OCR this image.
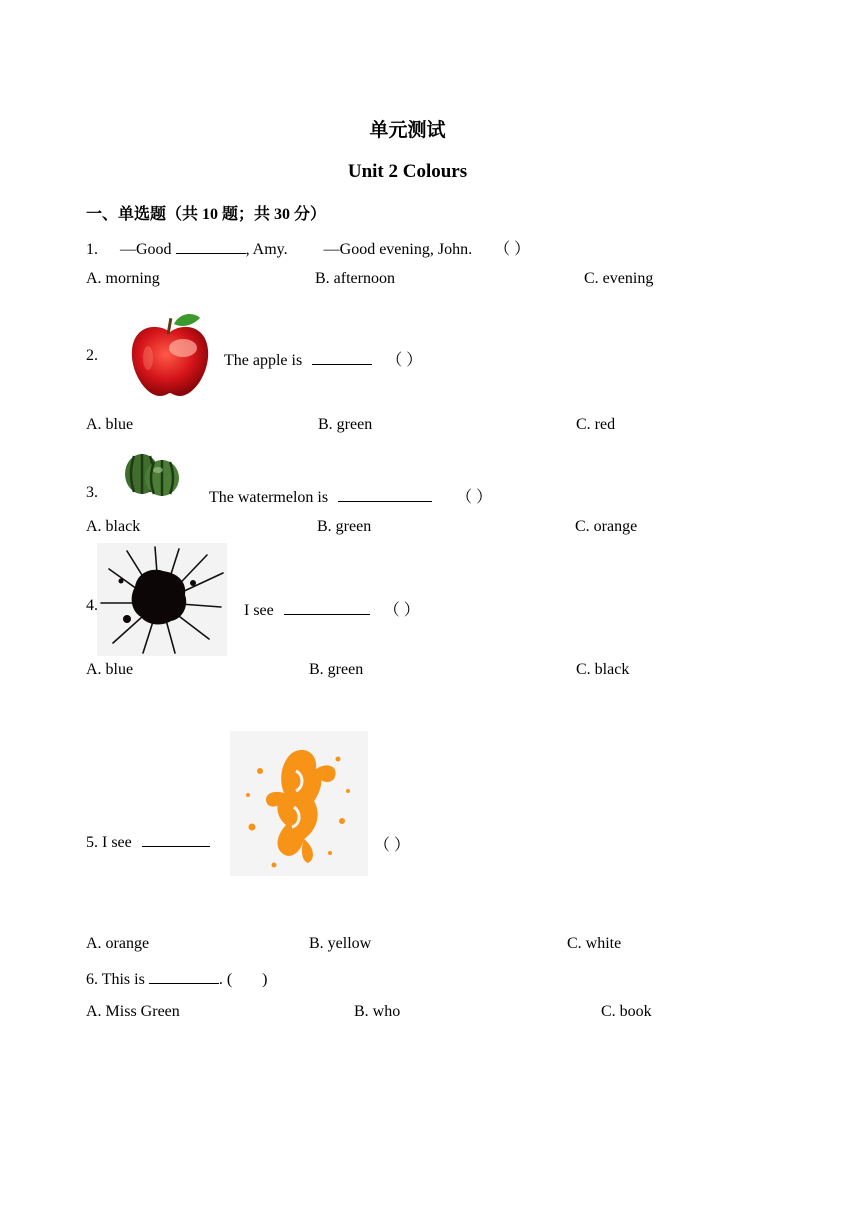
单元测试
Unit 2 Colours
一、单选题（共 10 题；共 30 分）
1. —Good	, Amy. —Good evening, John. （ ）
A. morning	B. afternoon	C. evening
2.	The apple is	（ ）
A. blue	B. green	C. red
3.	The watermelon is	（ ）
A. black	B. green	C. orange
4.	I see	（ ）
A. blue	B. green	C. black
5. I see	（ ）
A. orange	B. yellow	C. white
6. This is	. ( )
A. Miss Green	B. who	C. book
